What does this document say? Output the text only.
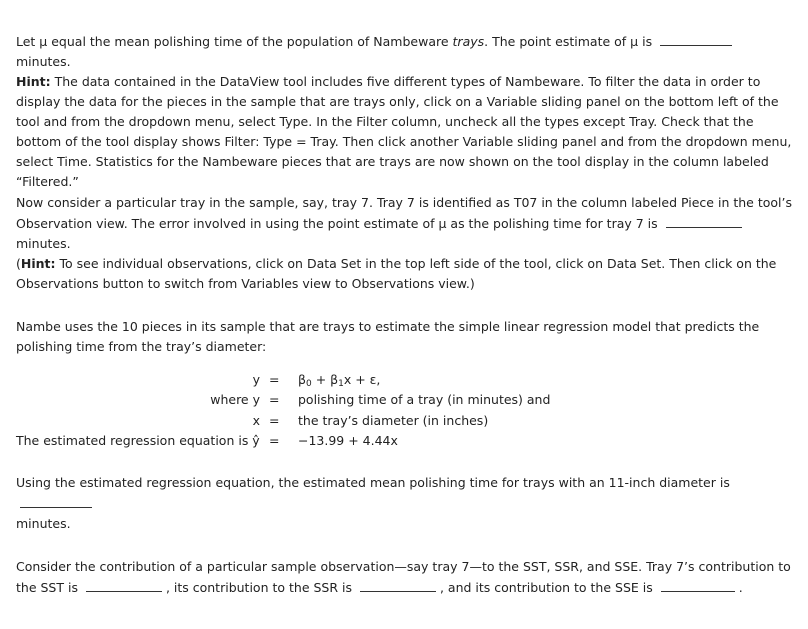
Let μ equal the mean polishing time of the population of Nambeware trays. The point estimate of μ is  minutes.
Hint: The data contained in the DataView tool includes five different types of Nambeware. To filter the data in order to display the data for the pieces in the sample that are trays only, click on a Variable sliding panel on the bottom left of the tool and from the dropdown menu, select Type. In the Filter column, uncheck all the types except Tray. Check that the bottom of the tool display shows Filter: Type = Tray. Then click another Variable sliding panel and from the dropdown menu, select Time. Statistics for the Nambeware pieces that are trays are now shown on the tool display in the column labeled “Filtered.”
Now consider a particular tray in the sample, say, tray 7. Tray 7 is identified as T07 in the column labeled Piece in the tool’s Observation view. The error involved in using the point estimate of μ as the polishing time for tray 7 is  minutes.
(Hint: To see individual observations, click on Data Set in the top left side of the tool, click on Data Set. Then click on the Observations button to switch from Variables view to Observations view.)
Nambe uses the 10 pieces in its sample that are trays to estimate the simple linear regression model that predicts the polishing time from the tray’s diameter:
$y = \beta_0 + \beta_1x + \varepsilon$,
where y = polishing time of a tray (in minutes) and
x = the tray’s diameter (in inches)
The estimated regression equation is ŷ = −13.99 + 4.44x
Using the estimated regression equation, the estimated mean polishing time for trays with an 11-inch diameter is
minutes.
Consider the contribution of a particular sample observation—say tray 7—to the SST, SSR, and SSE. Tray 7’s contribution to the SST is	, its contribution to the SSR is	, and its contribution to the SSE is	.
